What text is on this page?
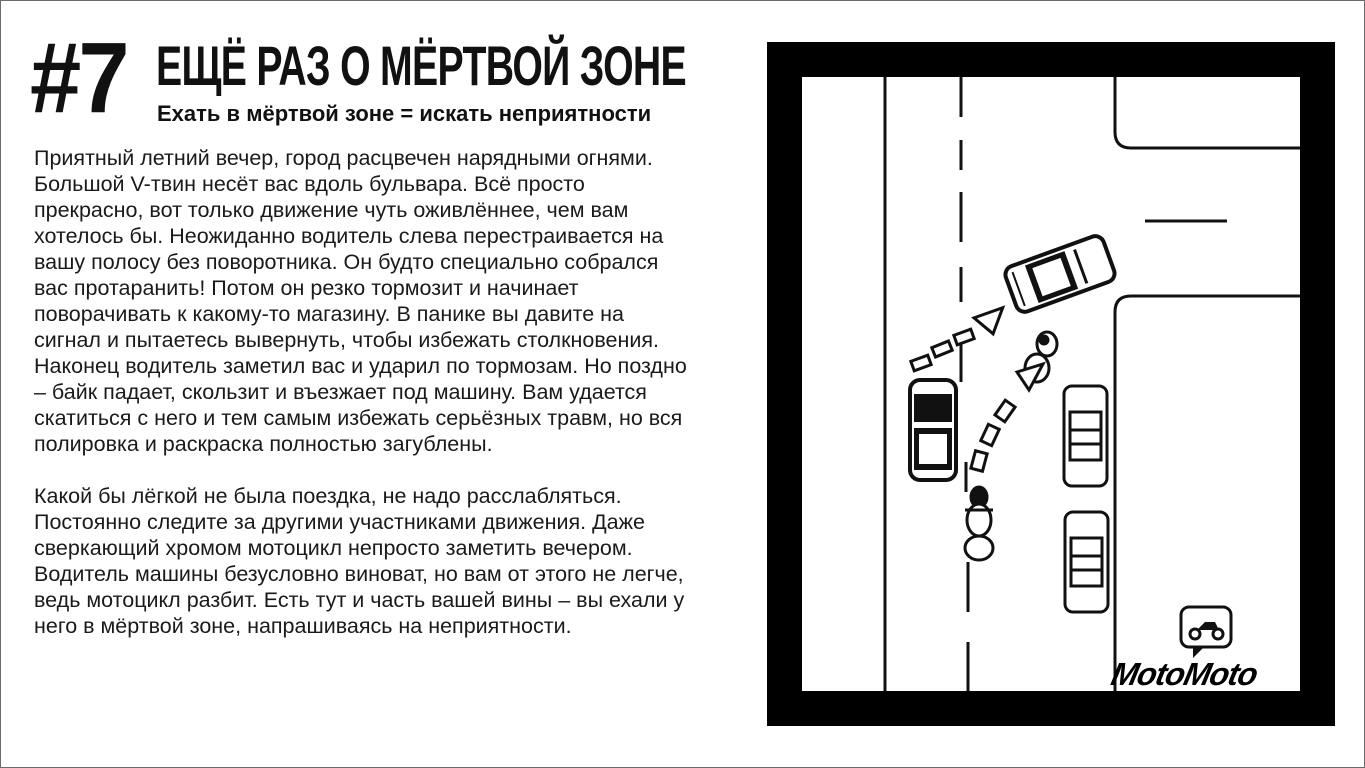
#7 ЕЩЁ РАЗ О МЁРТВОЙ ЗОНЕ
Ехать в мёртвой зоне = искать неприятности

Приятный летний вечер, город расцвечен нарядными огнями.
Большой V-твин несёт вас вдоль бульвара. Всё просто
прекрасно, вот только движение чуть оживлённее, чем вам
хотелось бы. Неожиданно водитель слева перестраивается на
вашу полосу без поворотника. Он будто специально собрался
вас протаранить! Потом он резко тормозит и начинает
поворачивать к какому-то магазину. В панике вы давите на
сигнал и пытаетесь вывернуть, чтобы избежать столкновения.
Наконец водитель заметил вас и ударил по тормозам. Но поздно
– байк падает, скользит и въезжает под машину. Вам удается
скатиться с него и тем самым избежать серьёзных травм, но вся
полировка и раскраска полностью загублены.

Какой бы лёгкой не была поездка, не надо расслабляться.
Постоянно следите за другими участниками движения. Даже
сверкающий хромом мотоцикл непросто заметить вечером.
Водитель машины безусловно виноват, но вам от этого не легче,
ведь мотоцикл разбит. Есть тут и часть вашей вины – вы ехали у
него в мёртвой зоне, напрашиваясь на неприятности.

MotoMoto
